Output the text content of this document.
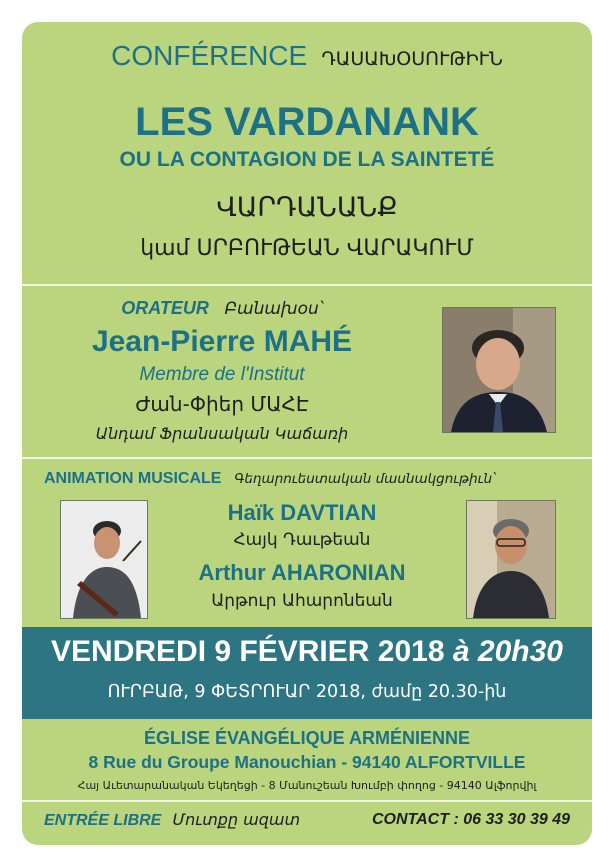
CONFÉRENCE ԴԱՍԱԽՕՍՈՒԹԻՒՆ
LES VARDANANK
OU LA CONTAGION DE LA SAINTETÉ
ՎԱՐԴԱՆԱՆՔ
կամ ՍՐԲՈՒԹԵԱՆ ՎԱՐԱԿՈՒՄ
ORATEUR Բանախօս՝
Jean-Pierre MAHÉ
Membre de l'Institut
Ժան-Փիեր ՄԱՀԷ
Անդամ Ֆրանսական Կաճառի
ANIMATION MUSICALE Գեղարուեստական մասնակցութիւն՝
Haïk DAVTIAN
Հայկ Դաւթեան
Arthur AHARONIAN
Արթուր Ահարոնեան
VENDREDI 9 FÉVRIER 2018 à 20h30
ՈՒՐԲԱԹ, 9 ՓԵՏՐՈՒԱՐ 2018, ժամը 20.30-ին
ÉGLISE ÉVANGÉLIQUE ARMÉNIENNE
8 Rue du Groupe Manouchian - 94140 ALFORTVILLE
Հայ Աւետարանական Եկեղեցի - 8 Մանուշեան Խումբի փողոց - 94140 Ալֆորվիլ
ENTRÉE LIBRE Մուտքը ազատ	CONTACT : 06 33 30 39 49
